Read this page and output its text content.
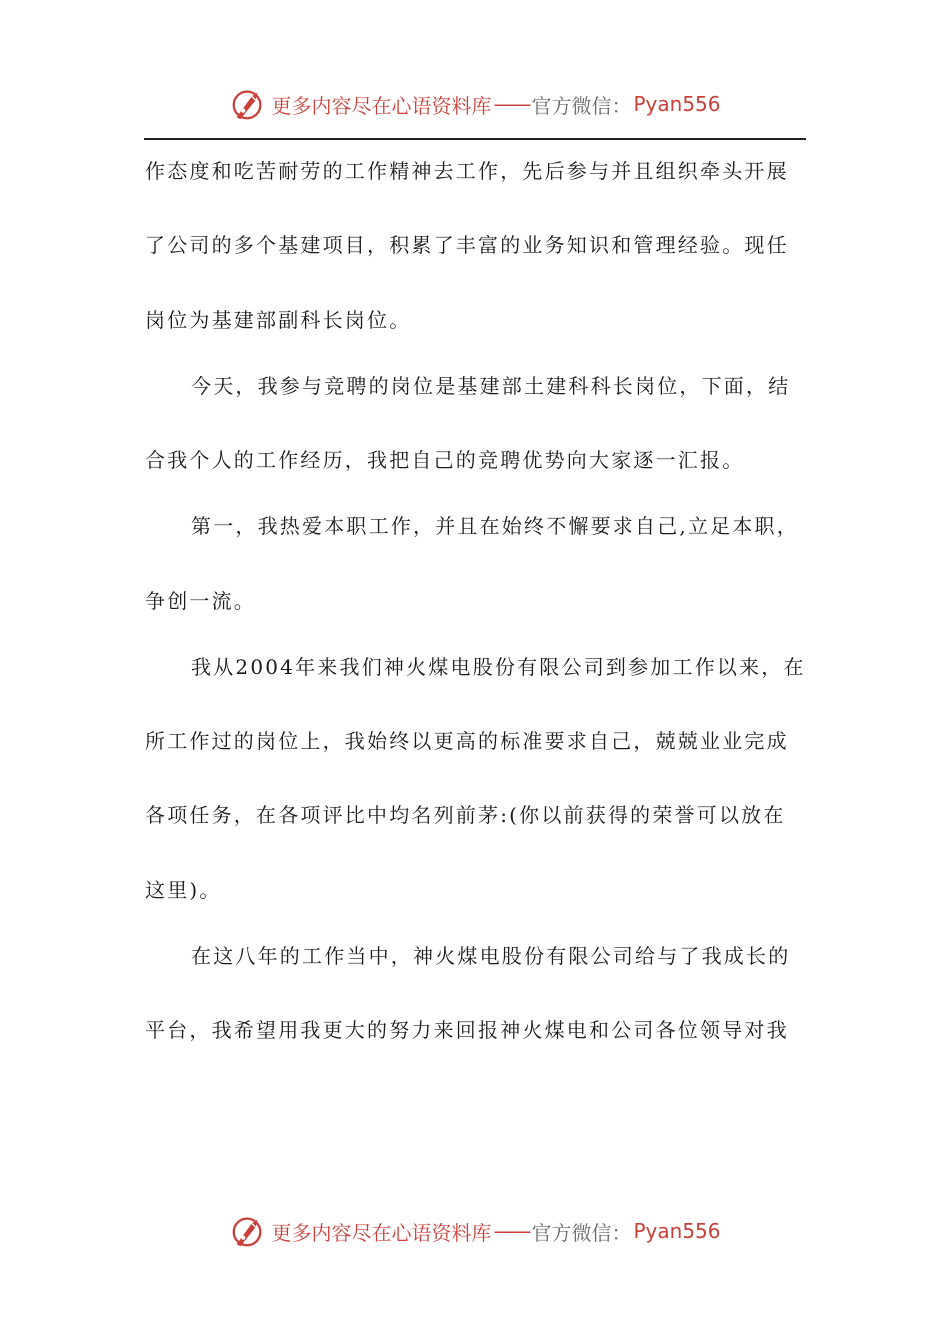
更多内容尽在心语资料库 —— 官方微信： Pyan556
作态度和吃苦耐劳的工作精神去工作，先后参与并且组织牵头开展
了公司的多个基建项目，积累了丰富的业务知识和管理经验。现任
岗位为基建部副科长岗位。
今天，我参与竞聘的岗位是基建部土建科科长岗位，下面，结
合我个人的工作经历，我把自己的竞聘优势向大家逐一汇报。
第一，我热爱本职工作，并且在始终不懈要求自己,立足本职，
争创一流。
我从2004年来我们神火煤电股份有限公司到参加工作以来，在
所工作过的岗位上，我始终以更高的标准要求自己，兢兢业业完成
各项任务，在各项评比中均名列前茅:(你以前获得的荣誉可以放在
这里)。
在这八年的工作当中，神火煤电股份有限公司给与了我成长的
平台，我希望用我更大的努力来回报神火煤电和公司各位领导对我
更多内容尽在心语资料库 —— 官方微信： Pyan556
